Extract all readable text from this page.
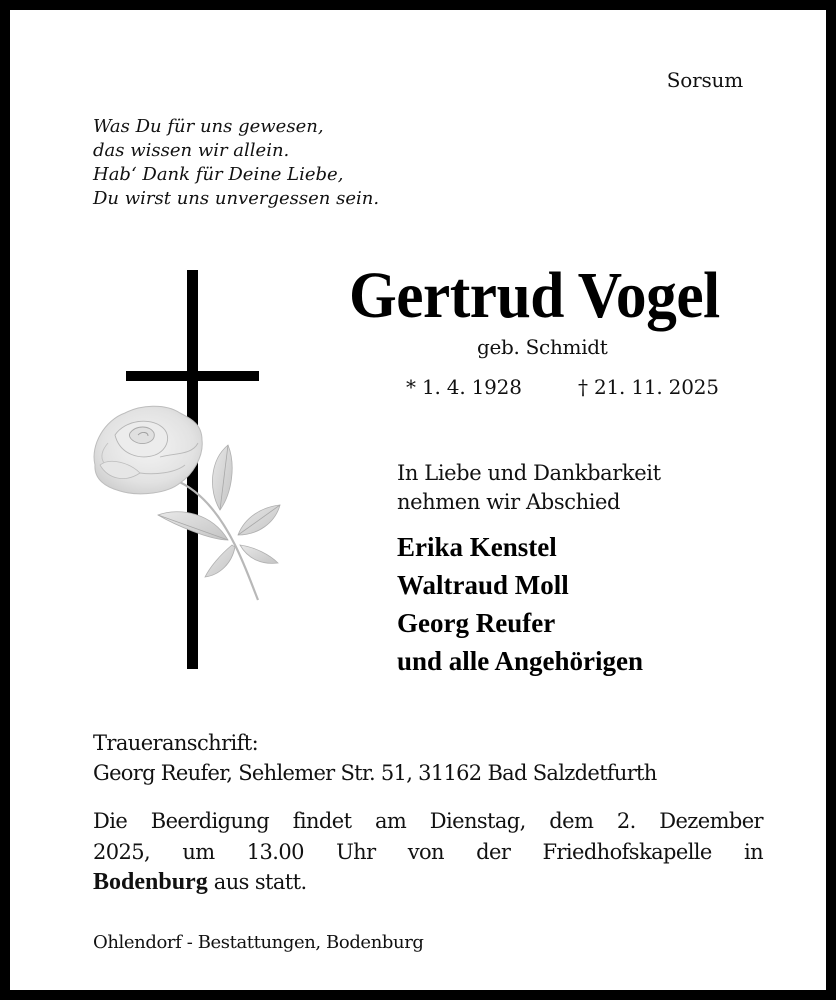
Sorsum
Was Du für uns gewesen,
das wissen wir allein.
Hab‘ Dank für Deine Liebe,
Du wirst uns unvergessen sein.
Gertrud Vogel
geb. Schmidt
* 1. 4. 1928	† 21. 11. 2025
In Liebe und Dankbarkeit
nehmen wir Abschied
Erika Kenstel
Waltraud Moll
Georg Reufer
und alle Angehörigen
Traueranschrift:
Georg Reufer, Sehlemer Str. 51, 31162 Bad Salzdetfurth
Die Beerdigung findet am Dienstag, dem 2. Dezember
2025, um 13.00 Uhr von der Friedhofskapelle in
Bodenburg aus statt.
Ohlendorf - Bestattungen, Bodenburg
